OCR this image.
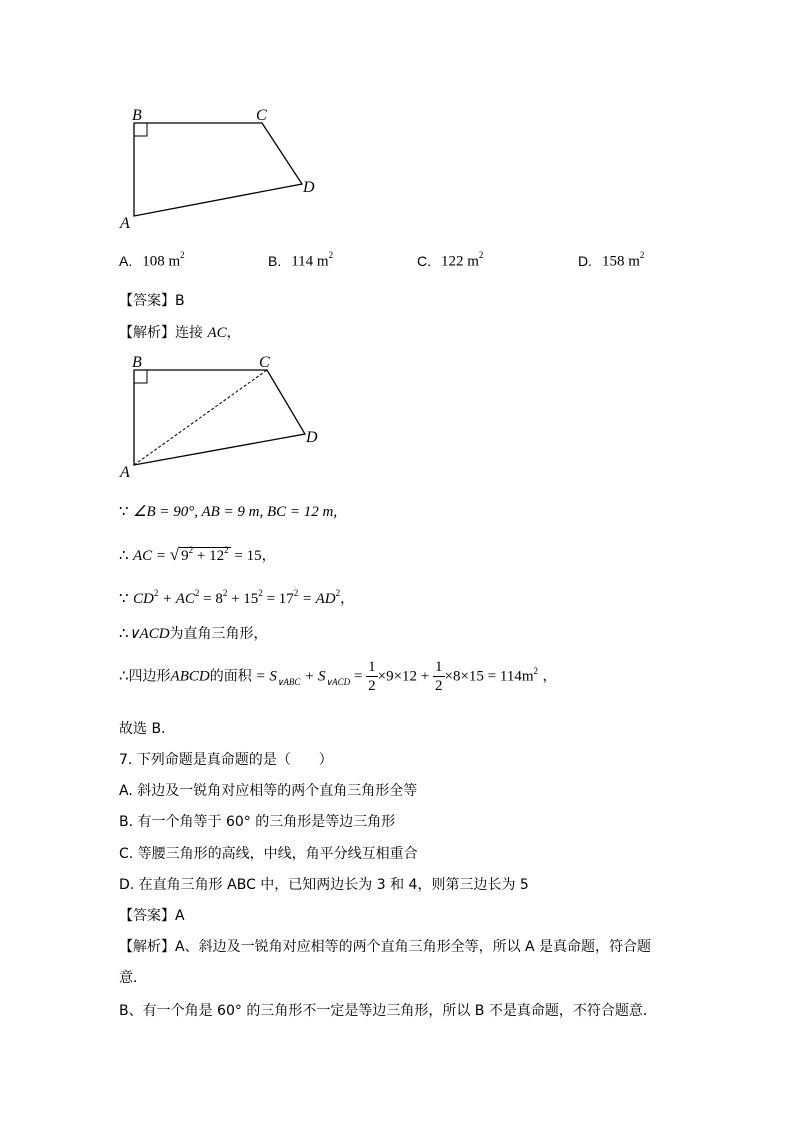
B	C
D
A
A. 108 $m^2$	B. 114 $m^2$	C. 122 $m^2$	D. 158 $m^2$
【答案】B
【解析】连接 AC，
B	C
D
A
∵ ∠B = 90°, AB = 9 m, BC = 12 m,
∴ AC = √ $9^2 + 12^2 = 15$，
∵ $CD^2 + AC^2 = 8^2 + 15^2 = 17^2 = AD^2$，
∴∨ACD为直角三角形，
∴四边形ABCD的面积 = $S_{\vee ABC} + S_{\vee ACD} = \frac{1}{2} \times 9\times 12 + \frac{1}{2} \times 8\times 15 = 114m^2$ ，
故选 B．
7. 下列命题是真命题的是（　　）
A. 斜边及一锐角对应相等的两个直角三角形全等
B. 有一个角等于 60° 的三角形是等边三角形
C. 等腰三角形的高线，中线，角平分线互相重合
D. 在直角三角形 ABC 中，已知两边长为 3 和 4，则第三边长为 5
【答案】A
【解析】A、斜边及一锐角对应相等的两个直角三角形全等，所以 A 是真命题，符合题
意．
B、有一个角是 60° 的三角形不一定是等边三角形，所以 B 不是真命题，不符合题意．
